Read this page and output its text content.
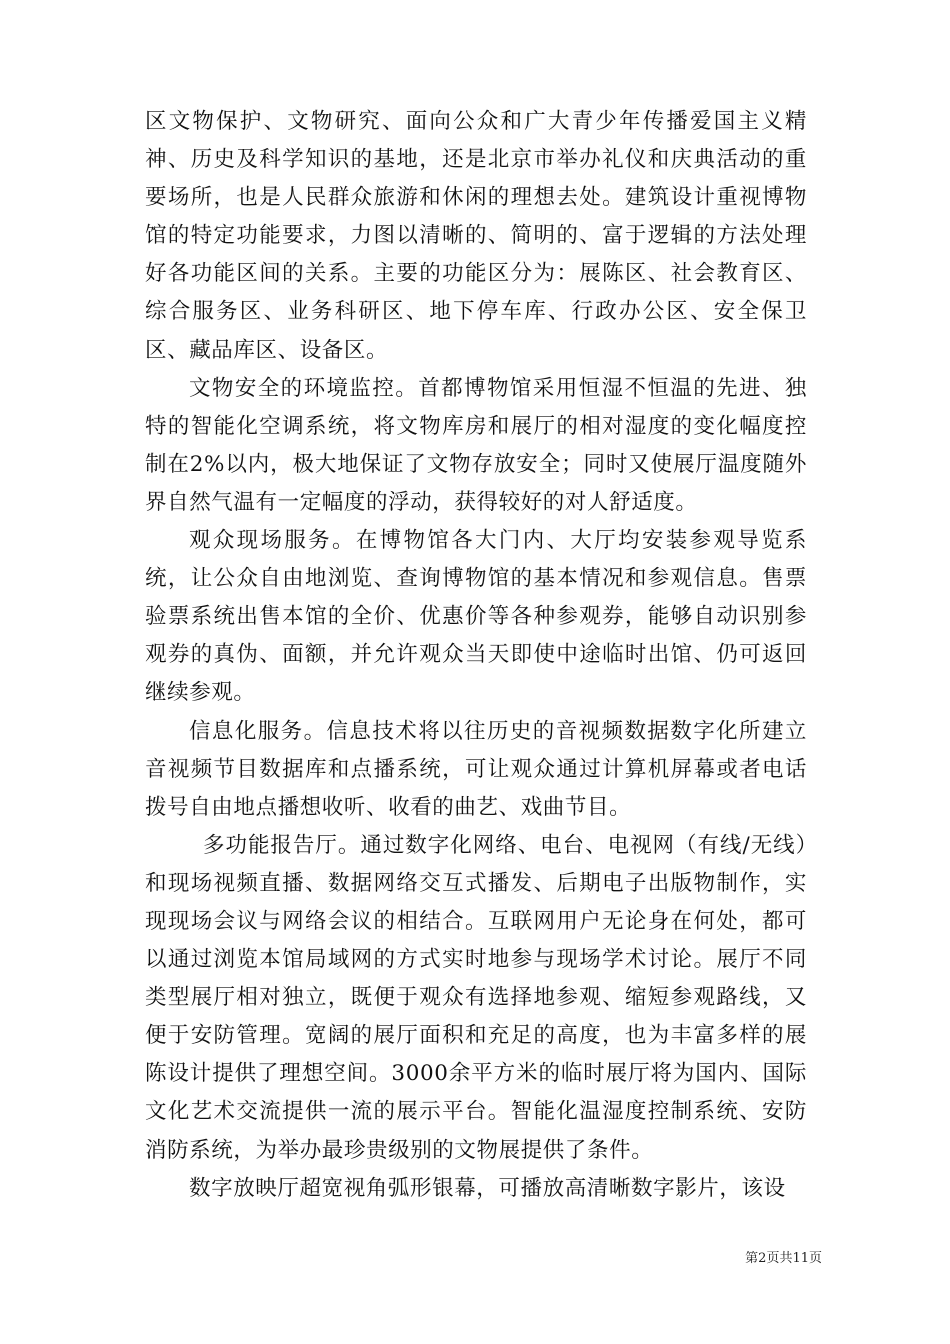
区文物保护、文物研究、面向公众和广大青少年传播爱国主义精神、历史及科学知识的基地，还是北京市举办礼仪和庆典活动的重要场所，也是人民群众旅游和休闲的理想去处。建筑设计重视博物馆的特定功能要求，力图以清晰的、简明的、富于逻辑的方法处理好各功能区间的关系。主要的功能区分为：展陈区、社会教育区、综合服务区、业务科研区、地下停车库、行政办公区、安全保卫区、藏品库区、设备区。

文物安全的环境监控。首都博物馆采用恒湿不恒温的先进、独特的智能化空调系统，将文物库房和展厅的相对湿度的变化幅度控制在2%以内，极大地保证了文物存放安全；同时又使展厅温度随外界自然气温有一定幅度的浮动，获得较好的对人舒适度。

观众现场服务。在博物馆各大门内、大厅均安装参观导览系统，让公众自由地浏览、查询博物馆的基本情况和参观信息。售票验票系统出售本馆的全价、优惠价等各种参观券，能够自动识别参观券的真伪、面额，并允许观众当天即使中途临时出馆、仍可返回继续参观。

信息化服务。信息技术将以往历史的音视频数据数字化所建立音视频节目数据库和点播系统，可让观众通过计算机屏幕或者电话拨号自由地点播想收听、收看的曲艺、戏曲节目。

多功能报告厅。通过数字化网络、电台、电视网（有线/无线）和现场视频直播、数据网络交互式播发、后期电子出版物制作，实现现场会议与网络会议的相结合。互联网用户无论身在何处，都可以通过浏览本馆局域网的方式实时地参与现场学术讨论。展厅不同类型展厅相对独立，既便于观众有选择地参观、缩短参观路线，又便于安防管理。宽阔的展厅面积和充足的高度，也为丰富多样的展陈设计提供了理想空间。3000余平方米的临时展厅将为国内、国际文化艺术交流提供一流的展示平台。智能化温湿度控制系统、安防消防系统，为举办最珍贵级别的文物展提供了条件。

数字放映厅超宽视角弧形银幕，可播放高清晰数字影片，该设

第2页共11页
